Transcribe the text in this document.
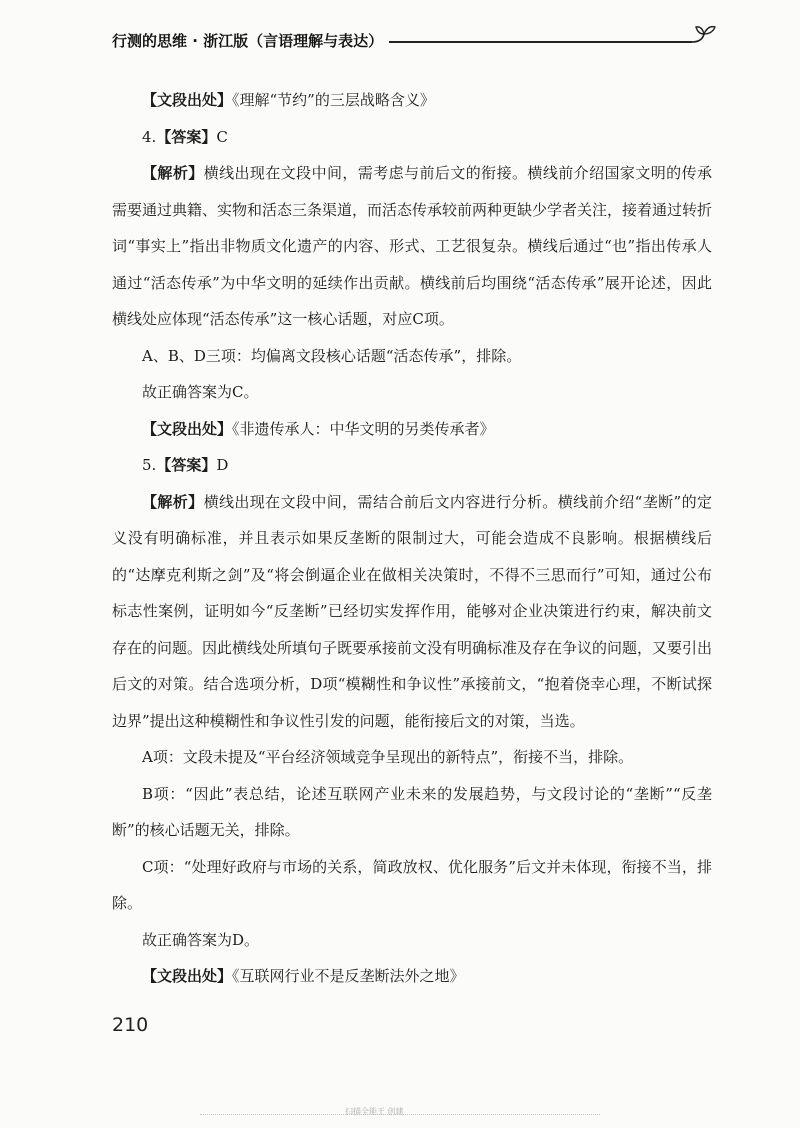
行测的思维 · 浙江版（言语理解与表达）

【文段出处】《理解“节约”的三层战略含义》

4.【答案】C

【解析】横线出现在文段中间，需考虑与前后文的衔接。横线前介绍国家文明的传承需要通过典籍、实物和活态三条渠道，而活态传承较前两种更缺少学者关注，接着通过转折词“事实上”指出非物质文化遗产的内容、形式、工艺很复杂。横线后通过“也”指出传承人通过“活态传承”为中华文明的延续作出贡献。横线前后均围绕“活态传承”展开论述，因此横线处应体现“活态传承”这一核心话题，对应C项。

A、B、D三项：均偏离文段核心话题“活态传承”，排除。

故正确答案为C。

【文段出处】《非遗传承人：中华文明的另类传承者》

5.【答案】D

【解析】横线出现在文段中间，需结合前后文内容进行分析。横线前介绍“垄断”的定义没有明确标准，并且表示如果反垄断的限制过大，可能会造成不良影响。根据横线后的“达摩克利斯之剑”及“将会倒逼企业在做相关决策时，不得不三思而行”可知，通过公布标志性案例，证明如今“反垄断”已经切实发挥作用，能够对企业决策进行约束，解决前文存在的问题。因此横线处所填句子既要承接前文没有明确标准及存在争议的问题，又要引出后文的对策。结合选项分析，D项“模糊性和争议性”承接前文，“抱着侥幸心理，不断试探边界”提出这种模糊性和争议性引发的问题，能衔接后文的对策，当选。

A项：文段未提及“平台经济领域竞争呈现出的新特点”，衔接不当，排除。

B项：“因此”表总结，论述互联网产业未来的发展趋势，与文段讨论的“垄断”“反垄断”的核心话题无关，排除。

C项：“处理好政府与市场的关系，简政放权、优化服务”后文并未体现，衔接不当，排除。

故正确答案为D。

【文段出处】《互联网行业不是反垄断法外之地》

210
扫描全能王 创建
